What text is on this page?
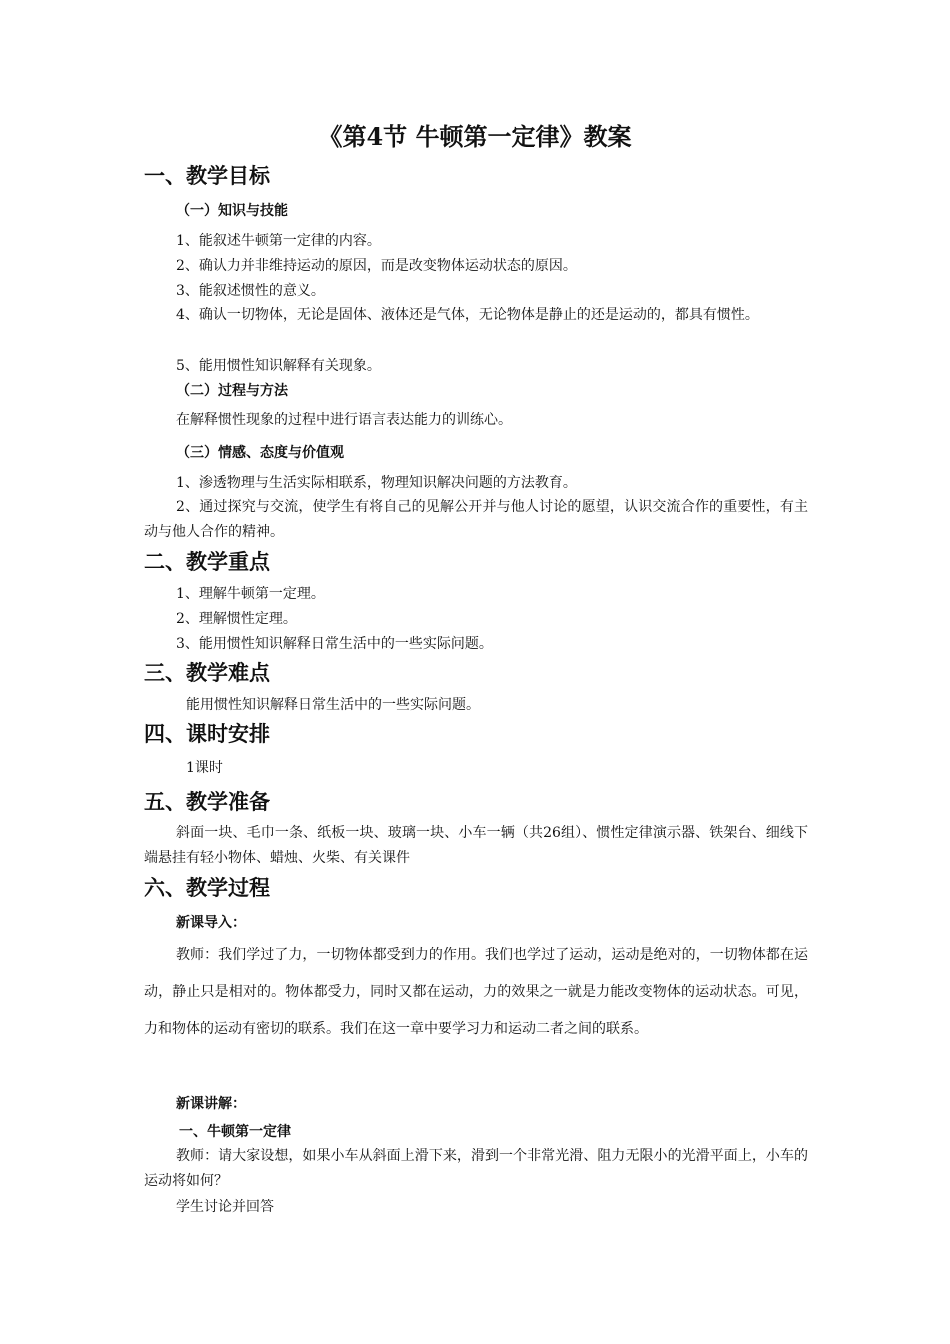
《第4节 牛顿第一定律》教案
一、教学目标
（一）知识与技能
1、能叙述牛顿第一定律的内容。
2、确认力并非维持运动的原因，而是改变物体运动状态的原因。
3、能叙述惯性的意义。
4、确认一切物体，无论是固体、液体还是气体，无论物体是静止的还是运动的，都具有惯性。
5、能用惯性知识解释有关现象。
（二）过程与方法
在解释惯性现象的过程中进行语言表达能力的训练心。
（三）情感、态度与价值观
1、渗透物理与生活实际相联系，物理知识解决问题的方法教育。
2、通过探究与交流，使学生有将自己的见解公开并与他人讨论的愿望，认识交流合作的重要性，有主动与他人合作的精神。
二、教学重点
1、理解牛顿第一定理。
2、理解惯性定理。
3、能用惯性知识解释日常生活中的一些实际问题。
三、教学难点
能用惯性知识解释日常生活中的一些实际问题。
四、课时安排
1课时
五、教学准备
斜面一块、毛巾一条、纸板一块、玻璃一块、小车一辆（共26组）、惯性定律演示器、铁架台、细线下端悬挂有轻小物体、蜡烛、火柴、有关课件
六、教学过程
新课导入：
教师：我们学过了力，一切物体都受到力的作用。我们也学过了运动，运动是绝对的，一切物体都在运动，静止只是相对的。物体都受力，同时又都在运动，力的效果之一就是力能改变物体的运动状态。可见，力和物体的运动有密切的联系。我们在这一章中要学习力和运动二者之间的联系。
新课讲解：
一、牛顿第一定律
教师：请大家设想，如果小车从斜面上滑下来，滑到一个非常光滑、阻力无限小的光滑平面上，小车的运动将如何？
学生讨论并回答
